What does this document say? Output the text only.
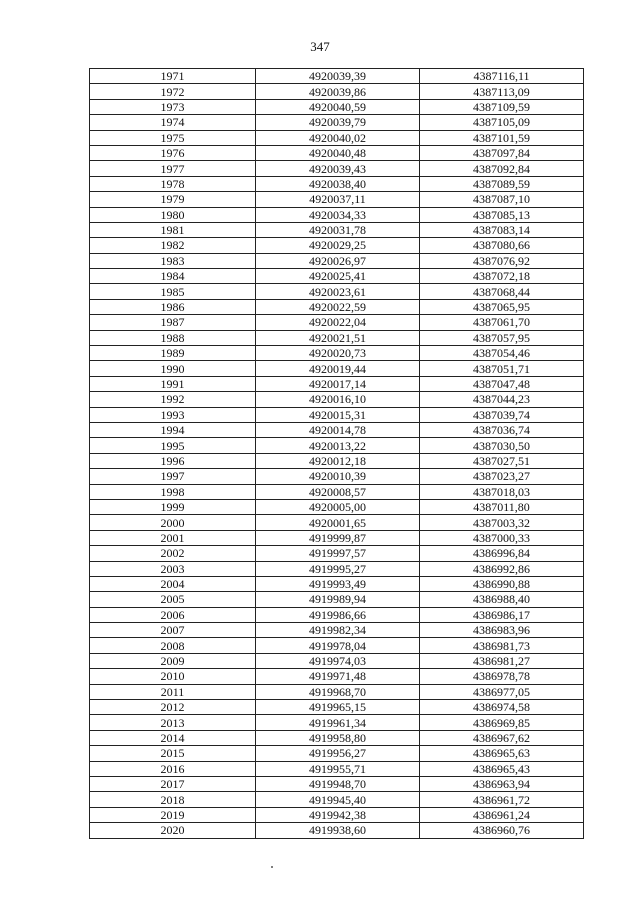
347
1971	4920039,39	4387116,11
1972	4920039,86	4387113,09
1973	4920040,59	4387109,59
1974	4920039,79	4387105,09
1975	4920040,02	4387101,59
1976	4920040,48	4387097,84
1977	4920039,43	4387092,84
1978	4920038,40	4387089,59
1979	4920037,11	4387087,10
1980	4920034,33	4387085,13
1981	4920031,78	4387083,14
1982	4920029,25	4387080,66
1983	4920026,97	4387076,92
1984	4920025,41	4387072,18
1985	4920023,61	4387068,44
1986	4920022,59	4387065,95
1987	4920022,04	4387061,70
1988	4920021,51	4387057,95
1989	4920020,73	4387054,46
1990	4920019,44	4387051,71
1991	4920017,14	4387047,48
1992	4920016,10	4387044,23
1993	4920015,31	4387039,74
1994	4920014,78	4387036,74
1995	4920013,22	4387030,50
1996	4920012,18	4387027,51
1997	4920010,39	4387023,27
1998	4920008,57	4387018,03
1999	4920005,00	4387011,80
2000	4920001,65	4387003,32
2001	4919999,87	4387000,33
2002	4919997,57	4386996,84
2003	4919995,27	4386992,86
2004	4919993,49	4386990,88
2005	4919989,94	4386988,40
2006	4919986,66	4386986,17
2007	4919982,34	4386983,96
2008	4919978,04	4386981,73
2009	4919974,03	4386981,27
2010	4919971,48	4386978,78
2011	4919968,70	4386977,05
2012	4919965,15	4386974,58
2013	4919961,34	4386969,85
2014	4919958,80	4386967,62
2015	4919956,27	4386965,63
2016	4919955,71	4386965,43
2017	4919948,70	4386963,94
2018	4919945,40	4386961,72
2019	4919942,38	4386961,24
2020	4919938,60	4386960,76
